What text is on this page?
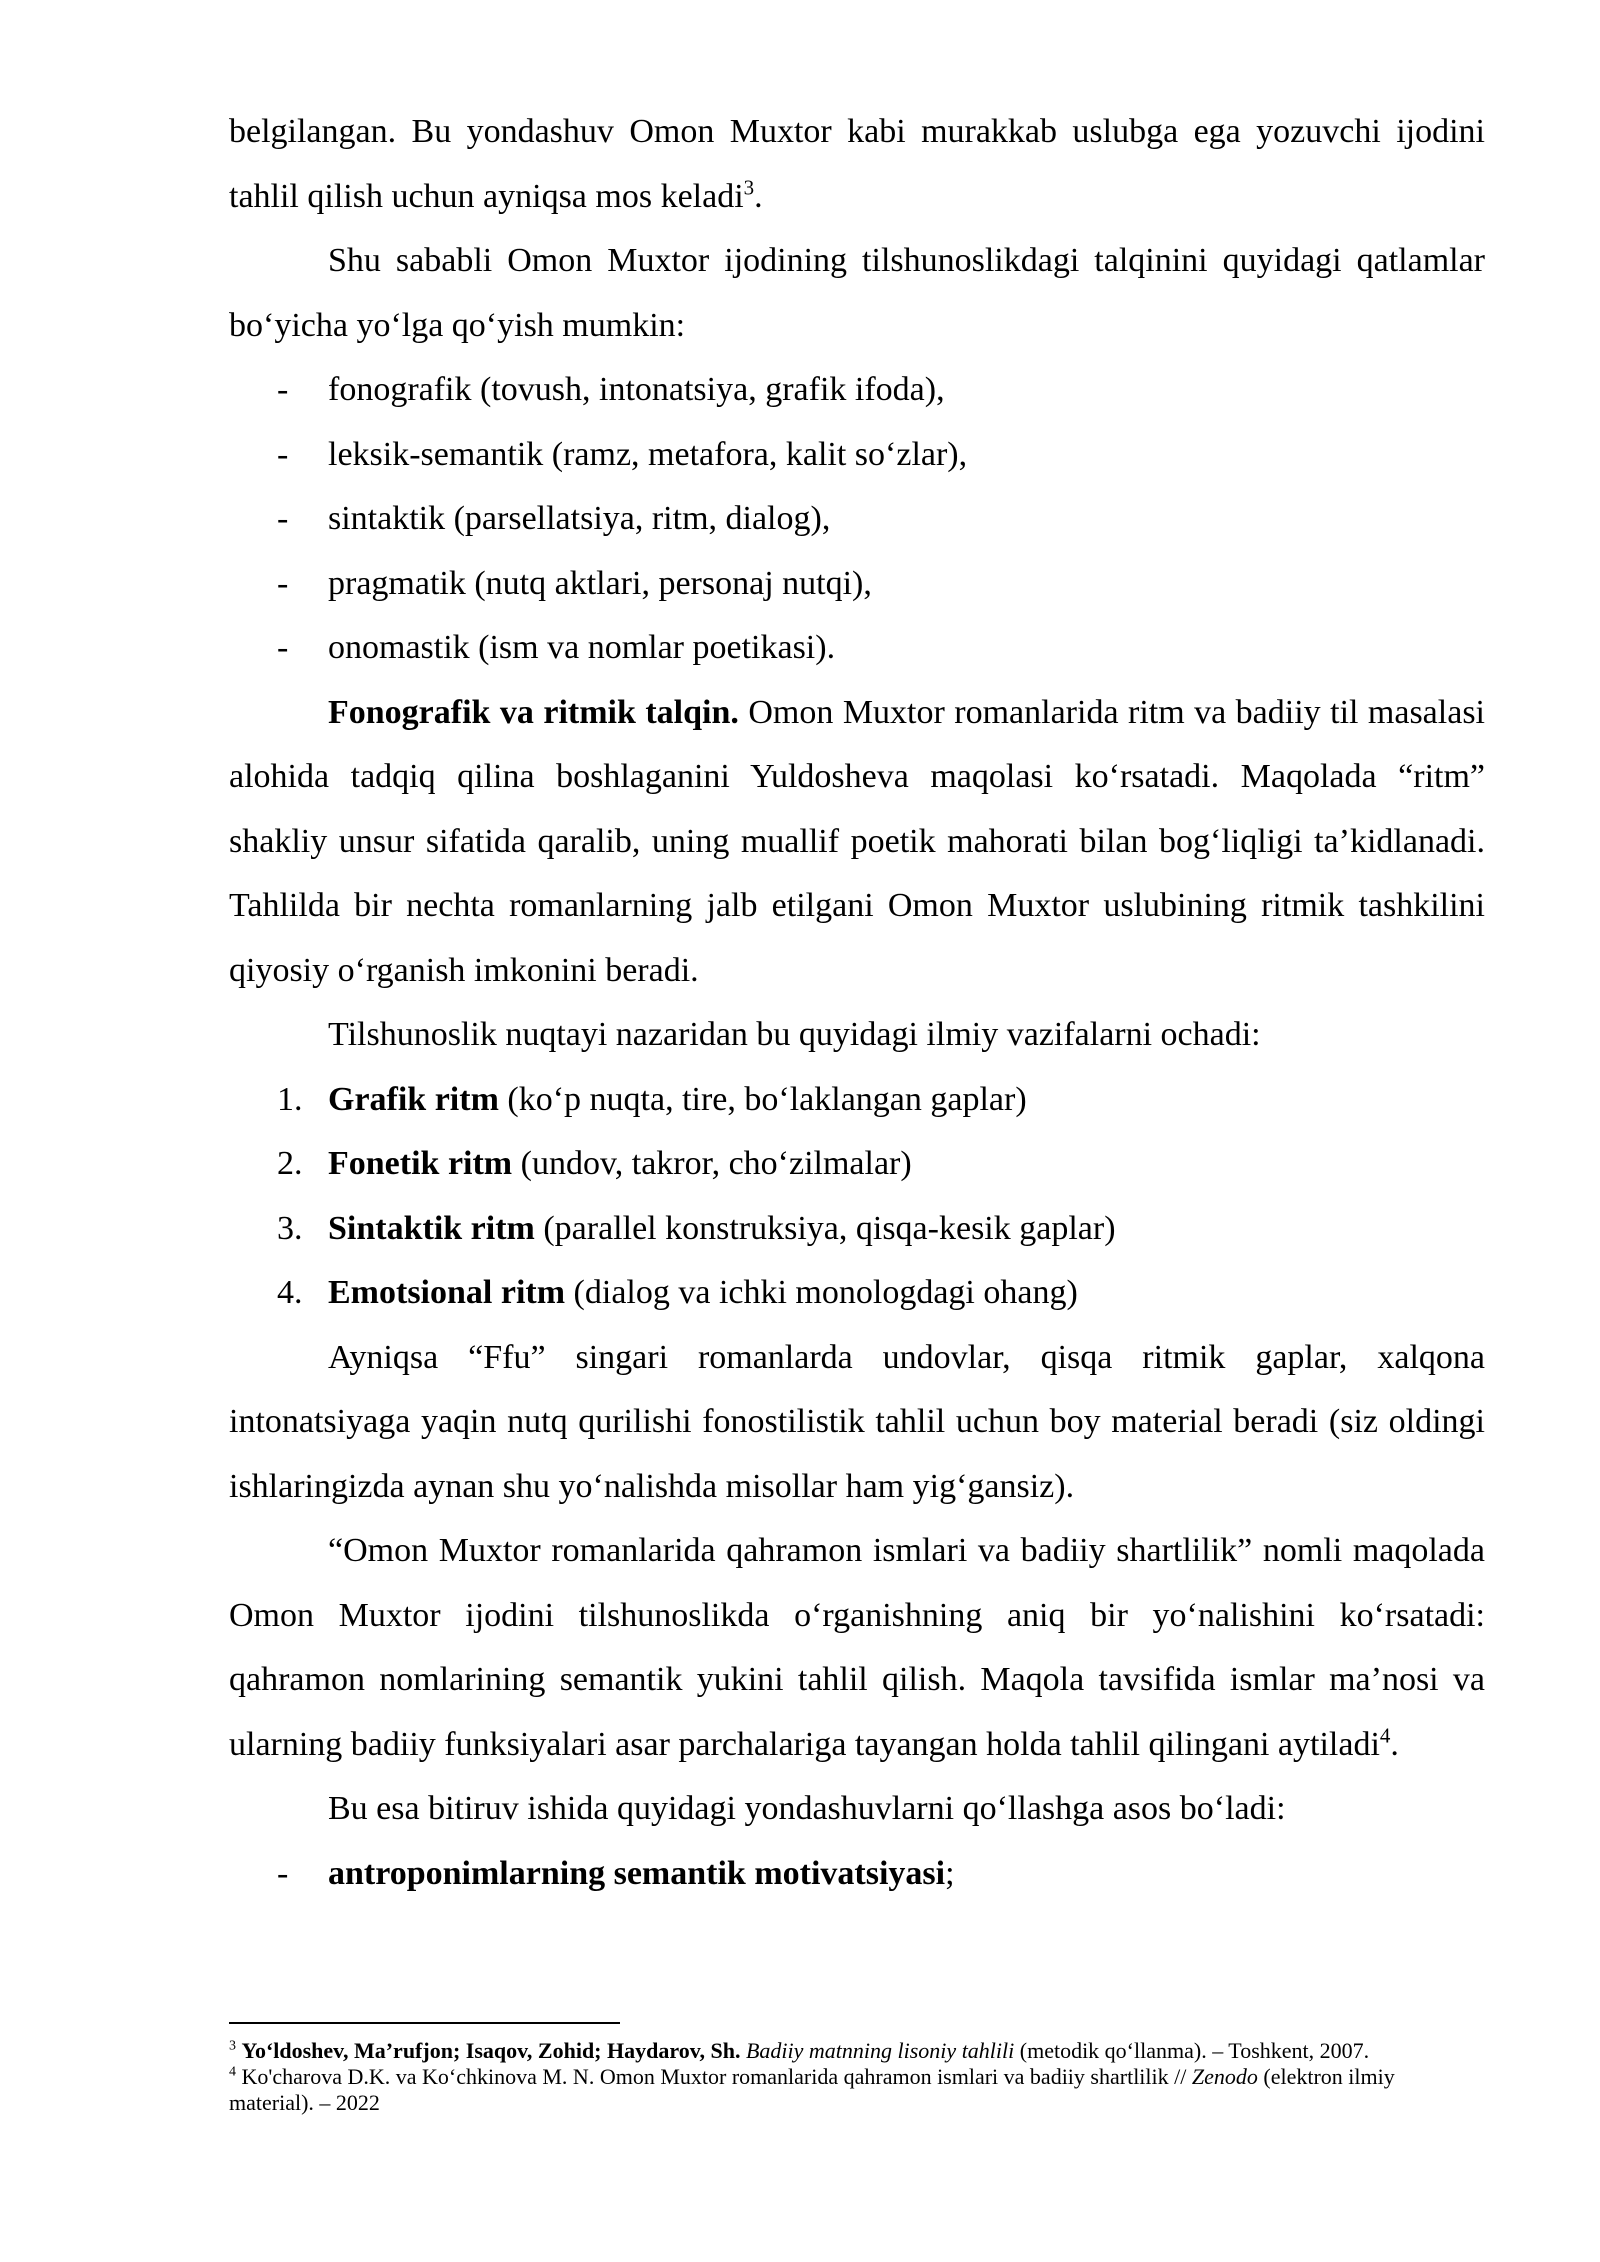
belgilangan. Bu yondashuv Omon Muxtor kabi murakkab uslubga ega yozuvchi ijodini tahlil qilish uchun ayniqsa mos keladi$^3$.

Shu sababli Omon Muxtor ijodining tilshunoslikdagi talqinini quyidagi qatlamlar bo‘yicha yo‘lga qo‘yish mumkin:

- fonografik (tovush, intonatsiya, grafik ifoda),
- leksik-semantik (ramz, metafora, kalit so‘zlar),
- sintaktik (parsellatsiya, ritm, dialog),
- pragmatik (nutq aktlari, personaj nutqi),
- onomastik (ism va nomlar poetikasi).

Fonografik va ritmik talqin. Omon Muxtor romanlarida ritm va badiiy til masalasi alohida tadqiq qilina boshlaganini Yuldosheva maqolasi ko‘rsatadi. Maqolada “ritm” shakliy unsur sifatida qaralib, uning muallif poetik mahorati bilan bog‘liqligi ta’kidlanadi. Tahlilda bir nechta romanlarning jalb etilgani Omon Muxtor uslubining ritmik tashkilini qiyosiy o‘rganish imkonini beradi.

Tilshunoslik nuqtayi nazaridan bu quyidagi ilmiy vazifalarni ochadi:

1. Grafik ritm (ko‘p nuqta, tire, bo‘laklangan gaplar)
2. Fonetik ritm (undov, takror, cho‘zilmalar)
3. Sintaktik ritm (parallel konstruksiya, qisqa-kesik gaplar)
4. Emotsional ritm (dialog va ichki monologdagi ohang)

Ayniqsa “Ffu” singari romanlarda undovlar, qisqa ritmik gaplar, xalqona intonatsiyaga yaqin nutq qurilishi fonostilistik tahlil uchun boy material beradi (siz oldingi ishlaringizda aynan shu yo‘nalishda misollar ham yig‘gansiz).

“Omon Muxtor romanlarida qahramon ismlari va badiiy shartlilik” nomli maqolada Omon Muxtor ijodini tilshunoslikda o‘rganishning aniq bir yo‘nalishini ko‘rsatadi: qahramon nomlarining semantik yukini tahlil qilish. Maqola tavsifida ismlar ma’nosi va ularning badiiy funksiyalari asar parchalariga tayangan holda tahlil qilingani aytiladi$^4$.

Bu esa bitiruv ishida quyidagi yondashuvlarni qo‘llashga asos bo‘ladi:

- antroponimlarning semantik motivatsiyasi;

$^3$ Yo‘ldoshev, Ma’rufjon; Isaqov, Zohid; Haydarov, Sh. Badiiy matnning lisoniy tahlili (metodik qo‘llanma). – Toshkent, 2007.

$^4$ Ko'charova D.K. va Ko‘chkinova M. N. Omon Muxtor romanlarida qahramon ismlari va badiiy shartlilik // Zenodo (elektron ilmiy material). – 2022
